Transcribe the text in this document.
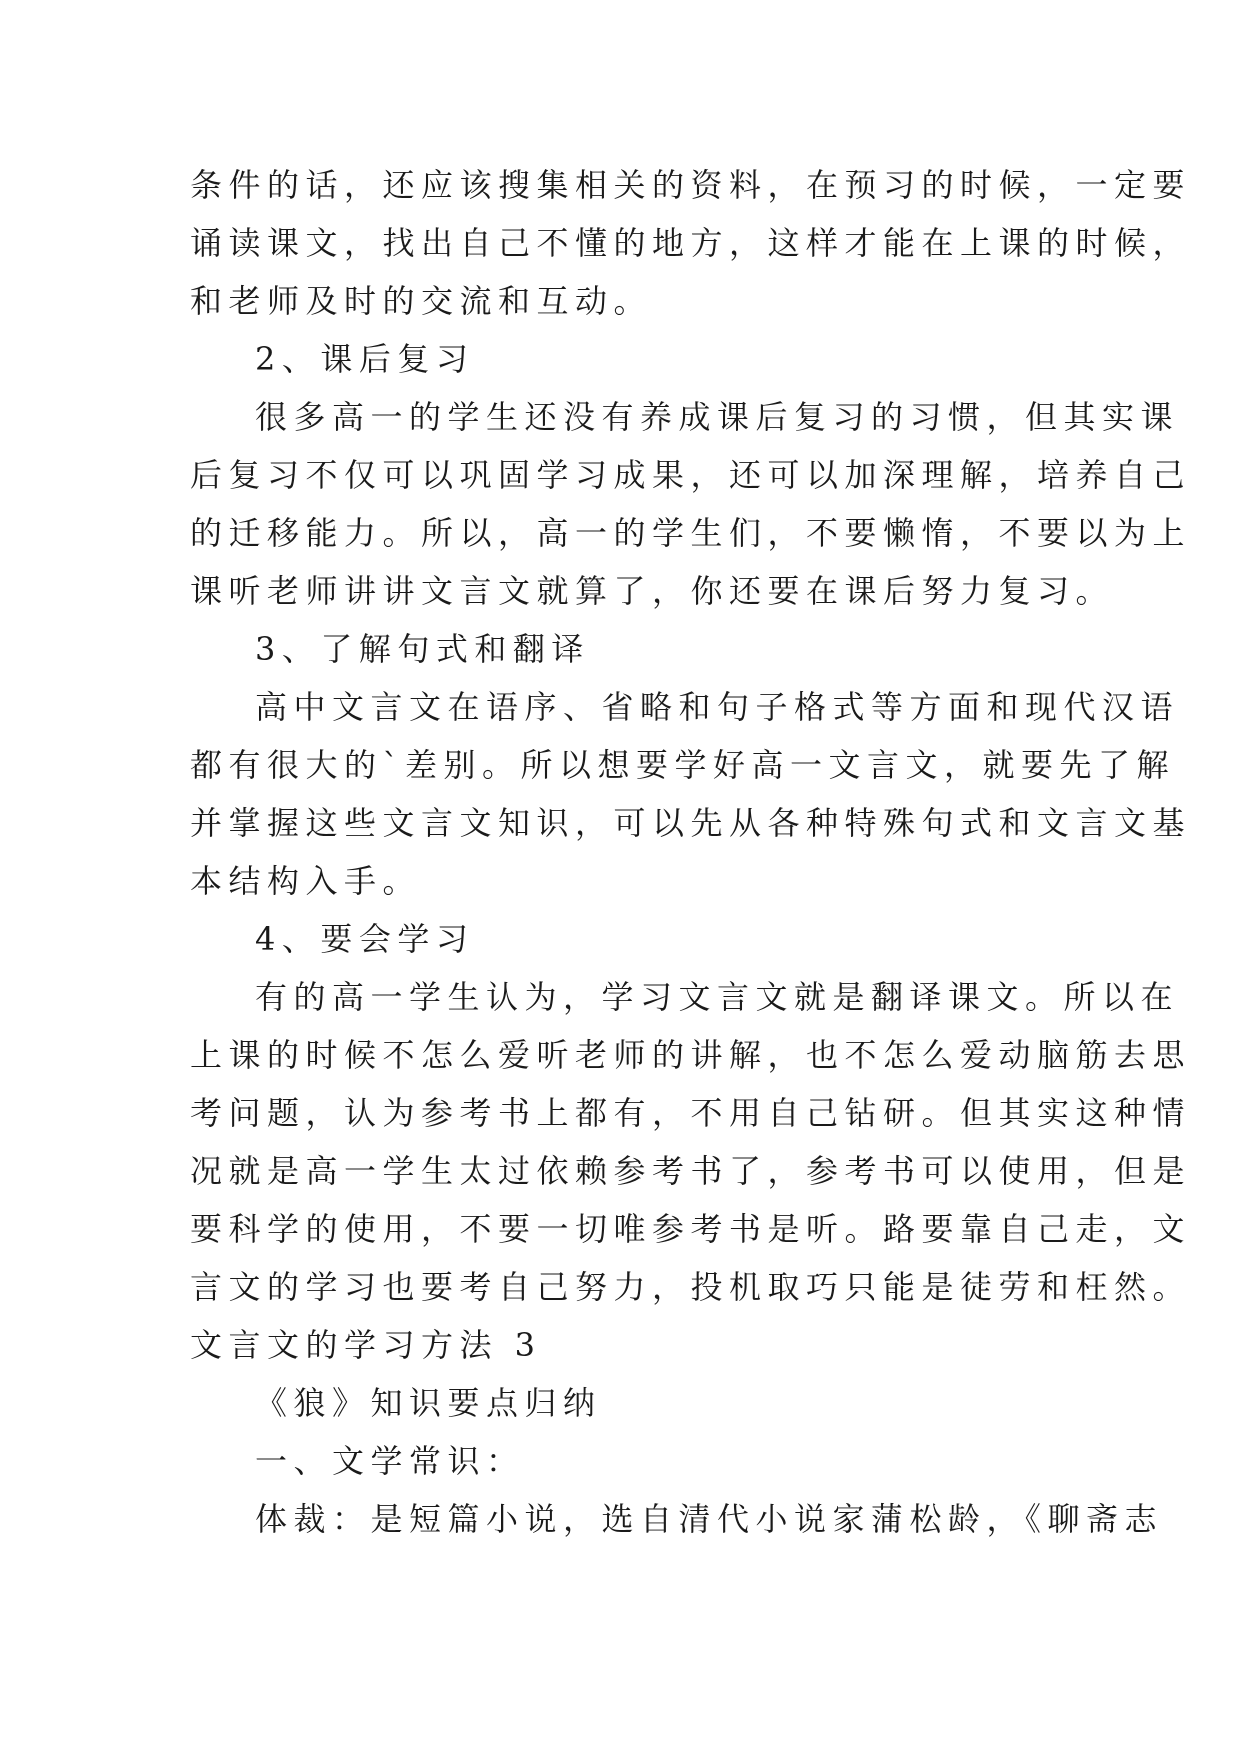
条件的话，还应该搜集相关的资料，在预习的时候，一定要
诵读课文，找出自己不懂的地方，这样才能在上课的时候，
和老师及时的交流和互动。
2、课后复习
很多高一的学生还没有养成课后复习的习惯，但其实课
后复习不仅可以巩固学习成果，还可以加深理解，培养自己
的迁移能力。所以，高一的学生们，不要懒惰，不要以为上
课听老师讲讲文言文就算了，你还要在课后努力复习。
3、了解句式和翻译
高中文言文在语序、省略和句子格式等方面和现代汉语
都有很大的`差别。所以想要学好高一文言文，就要先了解
并掌握这些文言文知识，可以先从各种特殊句式和文言文基
本结构入手。
4、要会学习
有的高一学生认为，学习文言文就是翻译课文。所以在
上课的时候不怎么爱听老师的讲解，也不怎么爱动脑筋去思
考问题，认为参考书上都有，不用自己钻研。但其实这种情
况就是高一学生太过依赖参考书了，参考书可以使用，但是
要科学的使用，不要一切唯参考书是听。路要靠自己走，文
言文的学习也要考自己努力，投机取巧只能是徒劳和枉然。
文言文的学习方法 3
《狼》知识要点归纳
一、文学常识：
体裁：是短篇小说，选自清代小说家蒲松龄，《聊斋志
